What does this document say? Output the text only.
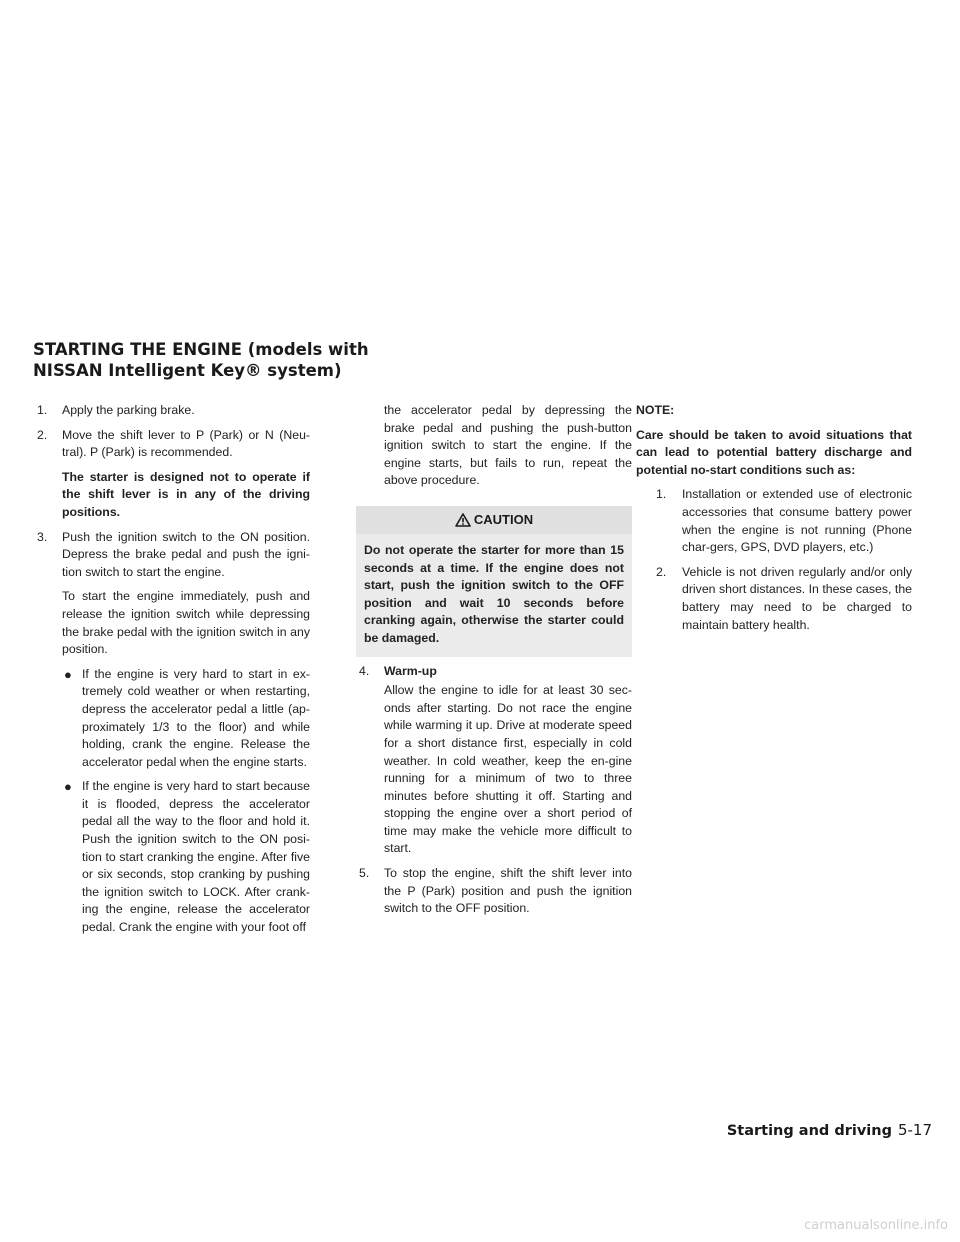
STARTING THE ENGINE (models with
NISSAN Intelligent Key® system)
1. Apply the parking brake.
2. Move the shift lever to P (Park) or N (Neu-tral). P (Park) is recommended.

The starter is designed not to operate if the shift lever is in any of the driving positions.

3. Push the ignition switch to the ON position. Depress the brake pedal and push the igni-tion switch to start the engine.

To start the engine immediately, push and release the ignition switch while depressing the brake pedal with the ignition switch in any position.

● If the engine is very hard to start in ex-tremely cold weather or when restarting, depress the accelerator pedal a little (ap-proximately 1/3 to the floor) and while holding, crank the engine. Release the accelerator pedal when the engine starts.
● If the engine is very hard to start because it is flooded, depress the accelerator pedal all the way to the floor and hold it. Push the ignition switch to the ON posi-tion to start cranking the engine. After five or six seconds, stop cranking by pushing the ignition switch to LOCK. After crank-ing the engine, release the accelerator pedal. Crank the engine with your foot off

the accelerator pedal by depressing the brake pedal and pushing the push-button ignition switch to start the engine. If the engine starts, but fails to run, repeat the above procedure.

CAUTION
Do not operate the starter for more than 15 seconds at a time. If the engine does not start, push the ignition switch to the OFF position and wait 10 seconds before cranking again, otherwise the starter could be damaged.
4. Warm-up

Allow the engine to idle for at least 30 sec-onds after starting. Do not race the engine while warming it up. Drive at moderate speed for a short distance first, especially in cold weather. In cold weather, keep the en-gine running for a minimum of two to three minutes before shutting it off. Starting and stopping the engine over a short period of time may make the vehicle more difficult to start.

5. To stop the engine, shift the shift lever into the P (Park) position and push the ignition switch to the OFF position.

NOTE:

Care should be taken to avoid situations that can lead to potential battery discharge and potential no-start conditions such as:

1. Installation or extended use of electronic accessories that consume battery power when the engine is not running (Phone char-gers, GPS, DVD players, etc.)
2. Vehicle is not driven regularly and/or only driven short distances. In these cases, the battery may need to be charged to maintain battery health.
Starting and driving 5-17
carmanualsonline.info
